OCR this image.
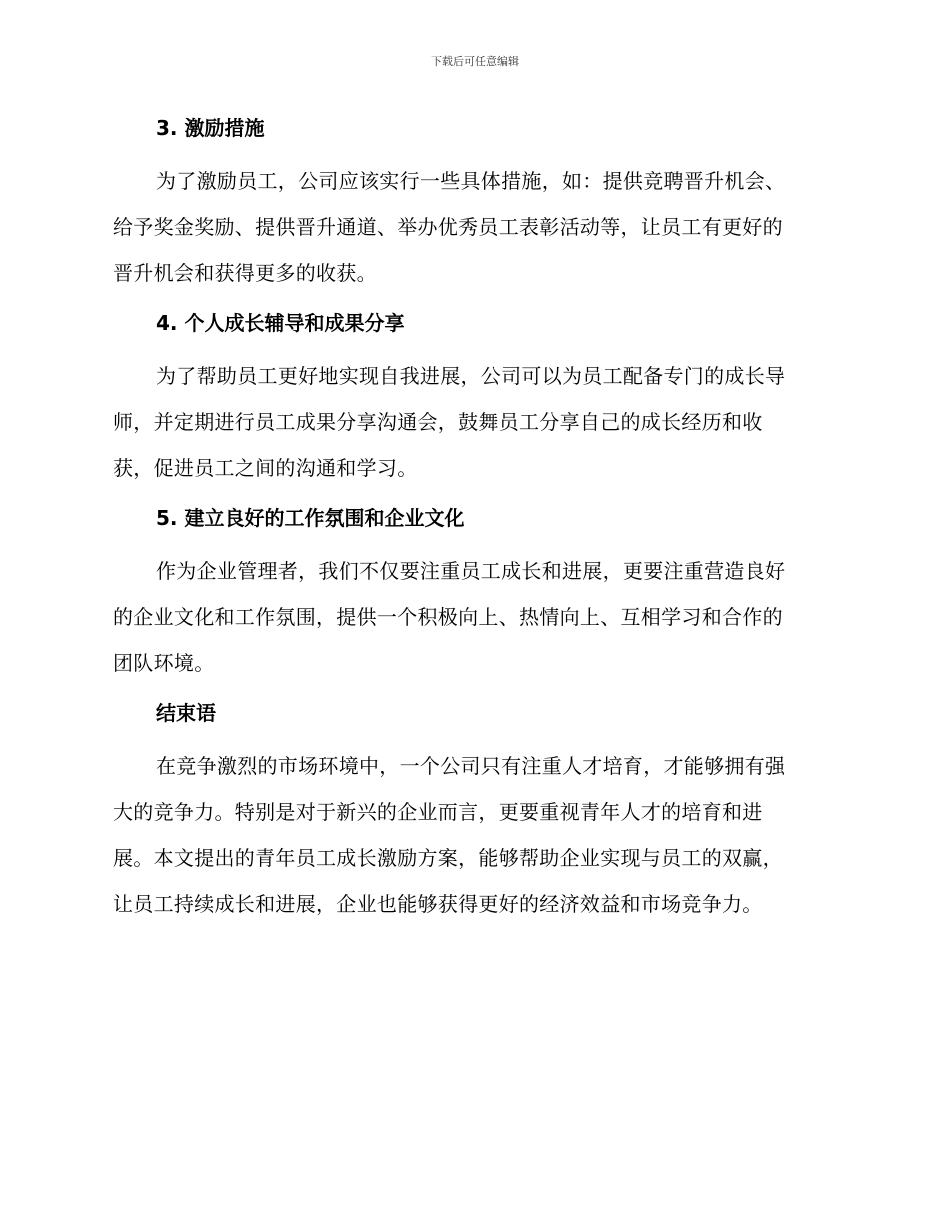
下载后可任意编辑
3. 激励措施
为了激励员工，公司应该实行一些具体措施，如：提供竞聘晋升机会、
给予奖金奖励、提供晋升通道、举办优秀员工表彰活动等，让员工有更好的
晋升机会和获得更多的收获。
4. 个人成长辅导和成果分享
为了帮助员工更好地实现自我进展，公司可以为员工配备专门的成长导
师，并定期进行员工成果分享沟通会，鼓舞员工分享自己的成长经历和收
获，促进员工之间的沟通和学习。
5. 建立良好的工作氛围和企业文化
作为企业管理者，我们不仅要注重员工成长和进展，更要注重营造良好
的企业文化和工作氛围，提供一个积极向上、热情向上、互相学习和合作的
团队环境。
结束语
在竞争激烈的市场环境中，一个公司只有注重人才培育，才能够拥有强
大的竞争力。特别是对于新兴的企业而言，更要重视青年人才的培育和进
展。本文提出的青年员工成长激励方案，能够帮助企业实现与员工的双赢，
让员工持续成长和进展，企业也能够获得更好的经济效益和市场竞争力。
